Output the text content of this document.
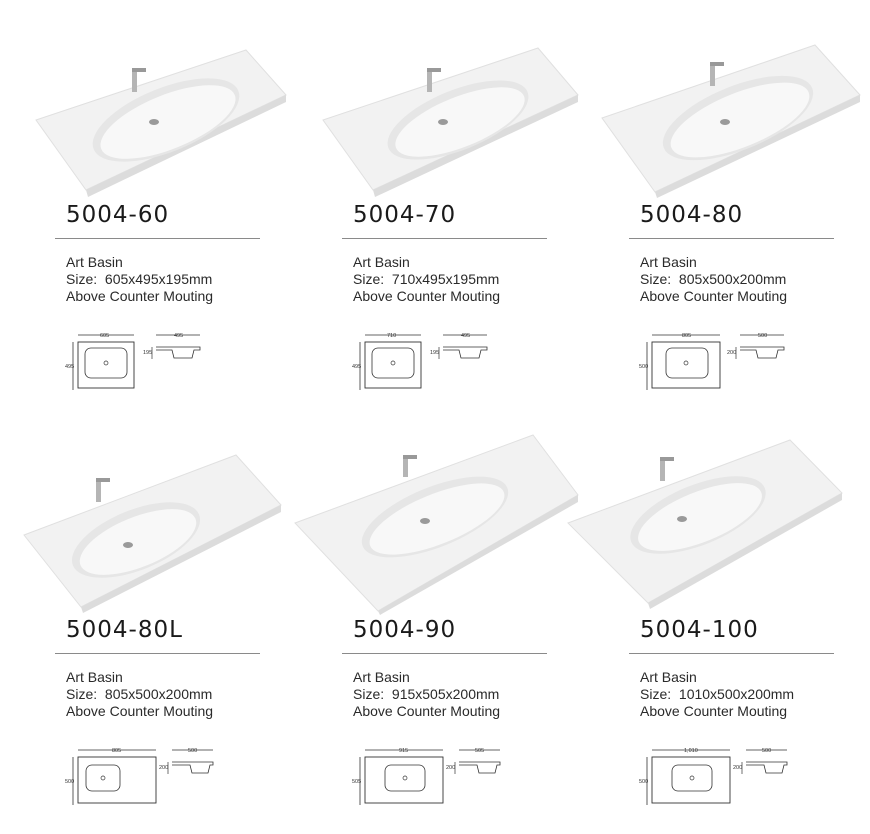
5004-60
Art Basin
Size: 605x495x195mm
Above Counter Mouting
605
495
495
195
5004-70
Art Basin
Size: 710x495x195mm
Above Counter Mouting
710
495
495
195
5004-80
Art Basin
Size: 805x500x200mm
Above Counter Mouting
805
500
500
200
5004-80L
Art Basin
Size: 805x500x200mm
Above Counter Mouting
805
500
500
200
5004-90
Art Basin
Size: 915x505x200mm
Above Counter Mouting
915
505
505
200
5004-100
Art Basin
Size: 1010x500x200mm
Above Counter Mouting
1,010
500
500
200
